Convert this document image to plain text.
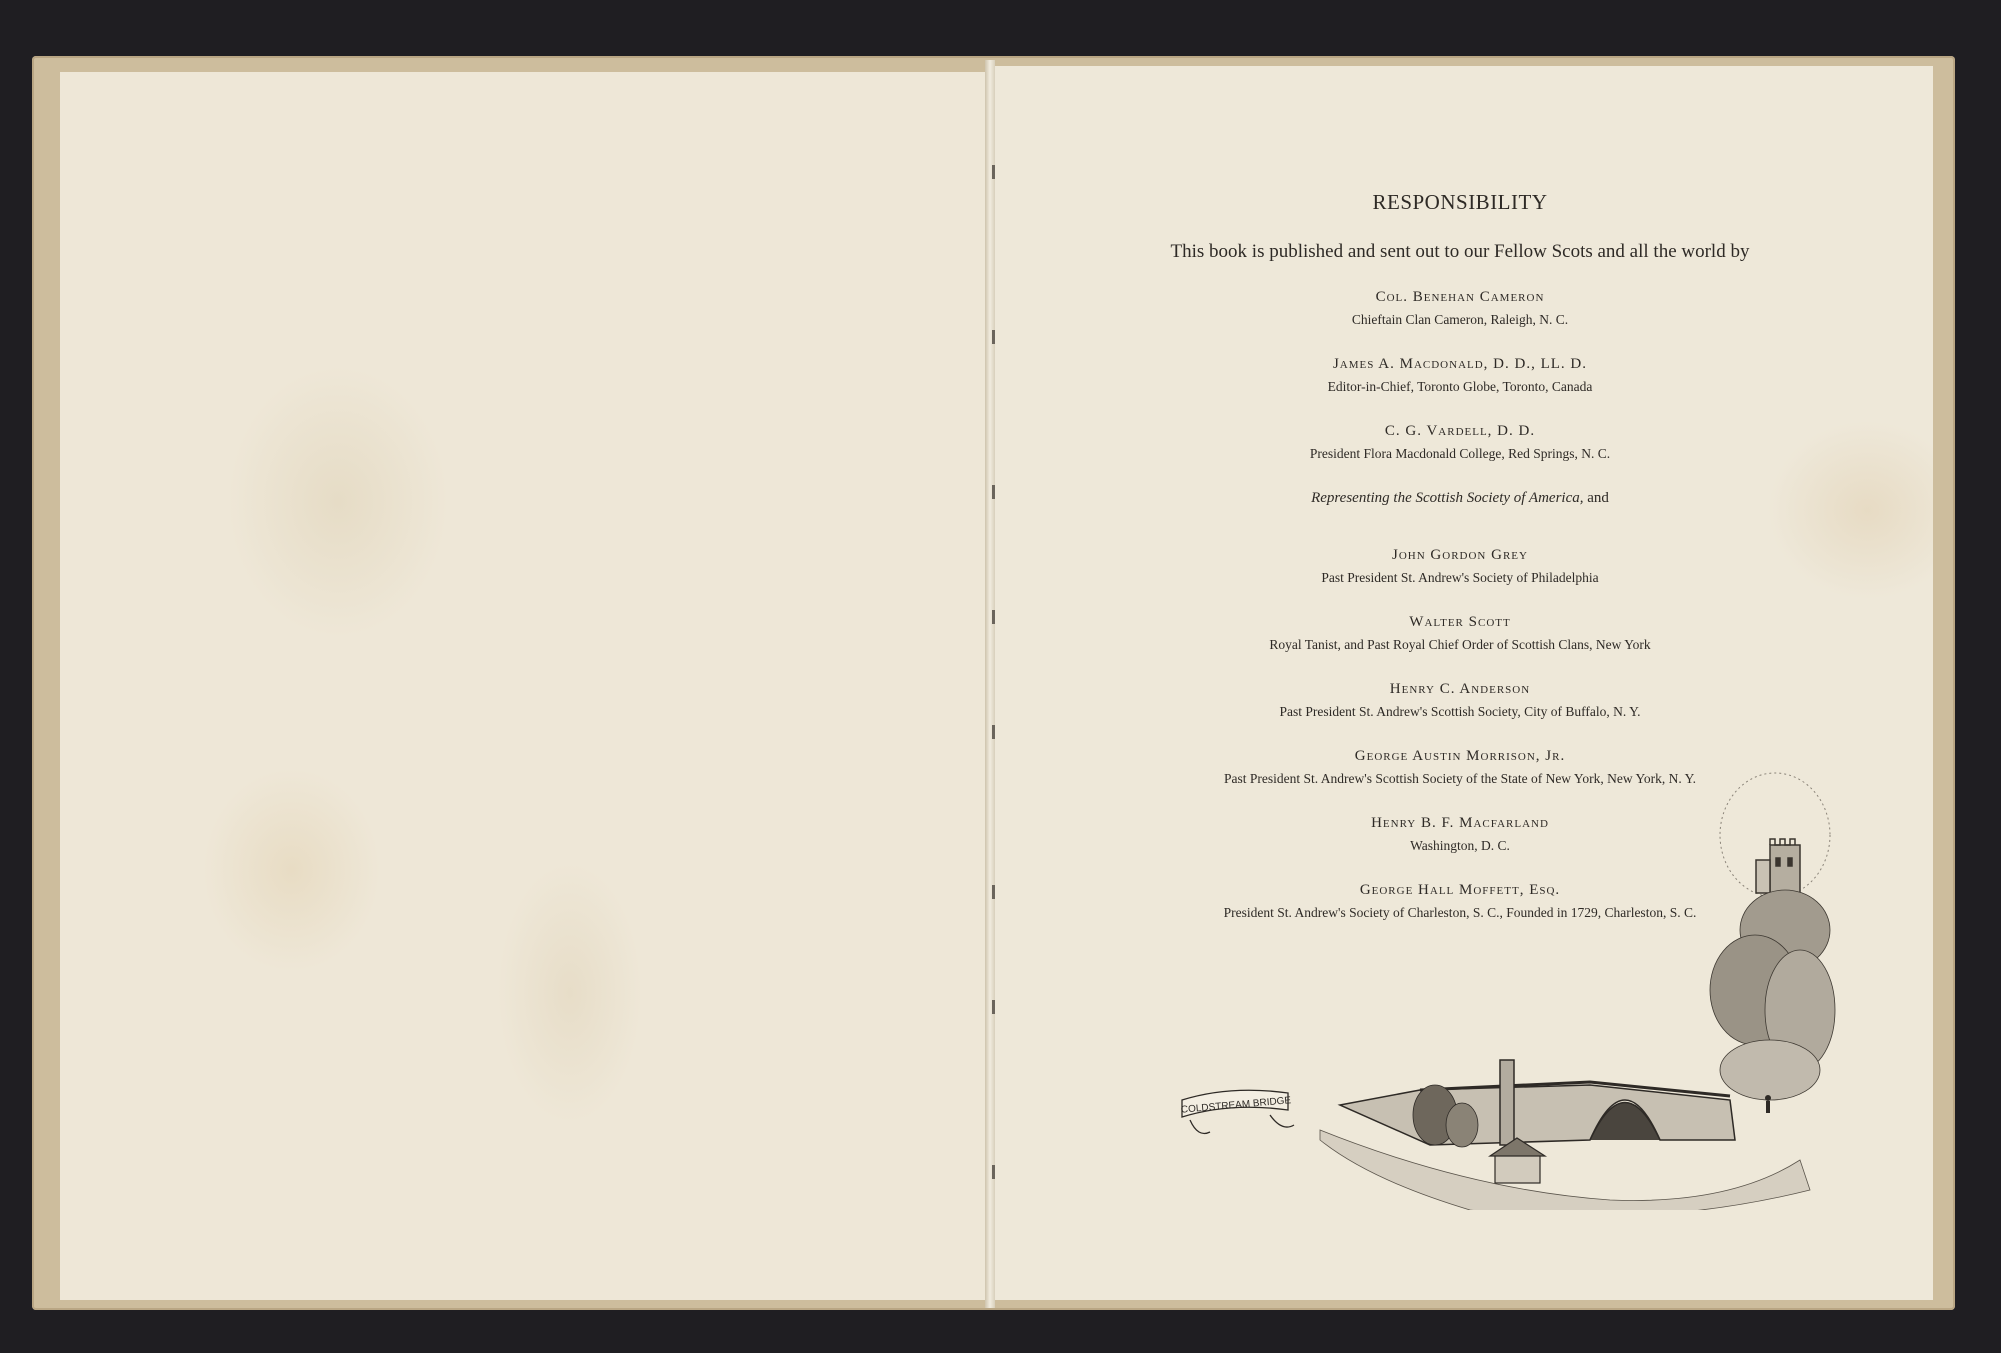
RESPONSIBILITY
This book is published and sent out to our Fellow Scots and all the world by
Col. Benehan Cameron
Chieftain Clan Cameron, Raleigh, N. C.
James A. Macdonald, D. D., LL. D.
Editor-in-Chief, Toronto Globe, Toronto, Canada
C. G. Vardell, D. D.
President Flora Macdonald College, Red Springs, N. C.
Representing the Scottish Society of America, and
John Gordon Grey
Past President St. Andrew's Society of Philadelphia
Walter Scott
Royal Tanist, and Past Royal Chief Order of Scottish Clans, New York
Henry C. Anderson
Past President St. Andrew's Scottish Society, City of Buffalo, N. Y.
George Austin Morrison, Jr.
Past President St. Andrew's Scottish Society of the State of New York, New York, N. Y.
Henry B. F. Macfarland
Washington, D. C.
George Hall Moffett, Esq.
President St. Andrew's Society of Charleston, S. C., Founded in 1729, Charleston, S. C.
COLDSTREAM BRIDGE
